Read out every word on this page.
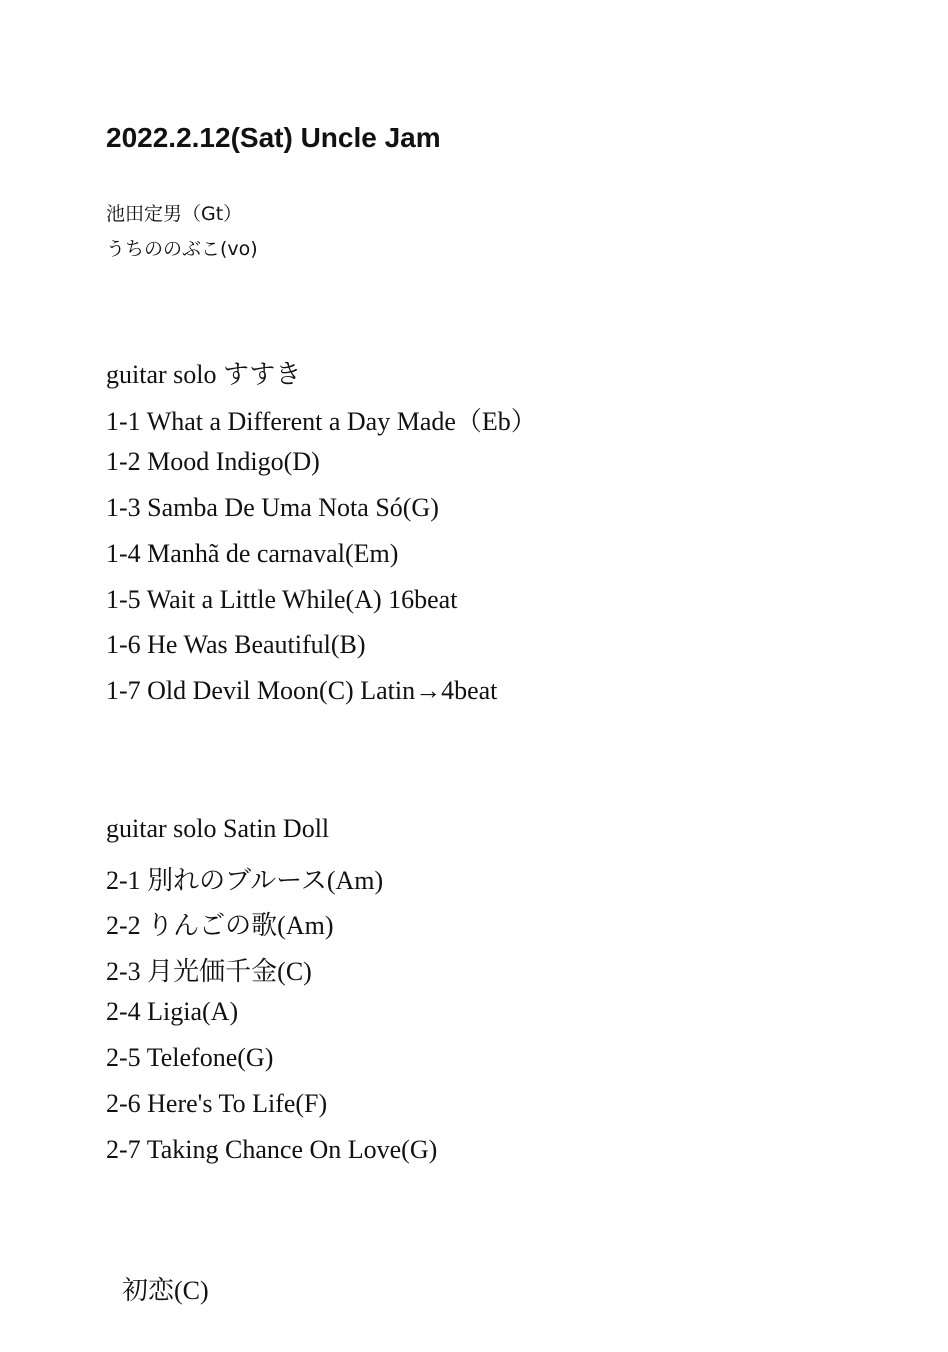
2022.2.12(Sat) Uncle Jam
池田定男（Gt）
うちののぶこ(vo)
guitar solo すすき
1-1 What a Different a Day Made（Eb）
1-2 Mood Indigo(D)
1-3 Samba De Uma Nota Só(G)
1-4 Manhã de carnaval(Em)
1-5 Wait a Little While(A) 16beat
1-6 He Was Beautiful(B)
1-7 Old Devil Moon(C) Latin→4beat
guitar solo Satin Doll
2-1 別れのブルース(Am)
2-2 りんごの歌(Am)
2-3 月光価千金(C)
2-4 Ligia(A)
2-5 Telefone(G)
2-6 Here's To Life(F)
2-7 Taking Chance On Love(G)
初恋(C)
